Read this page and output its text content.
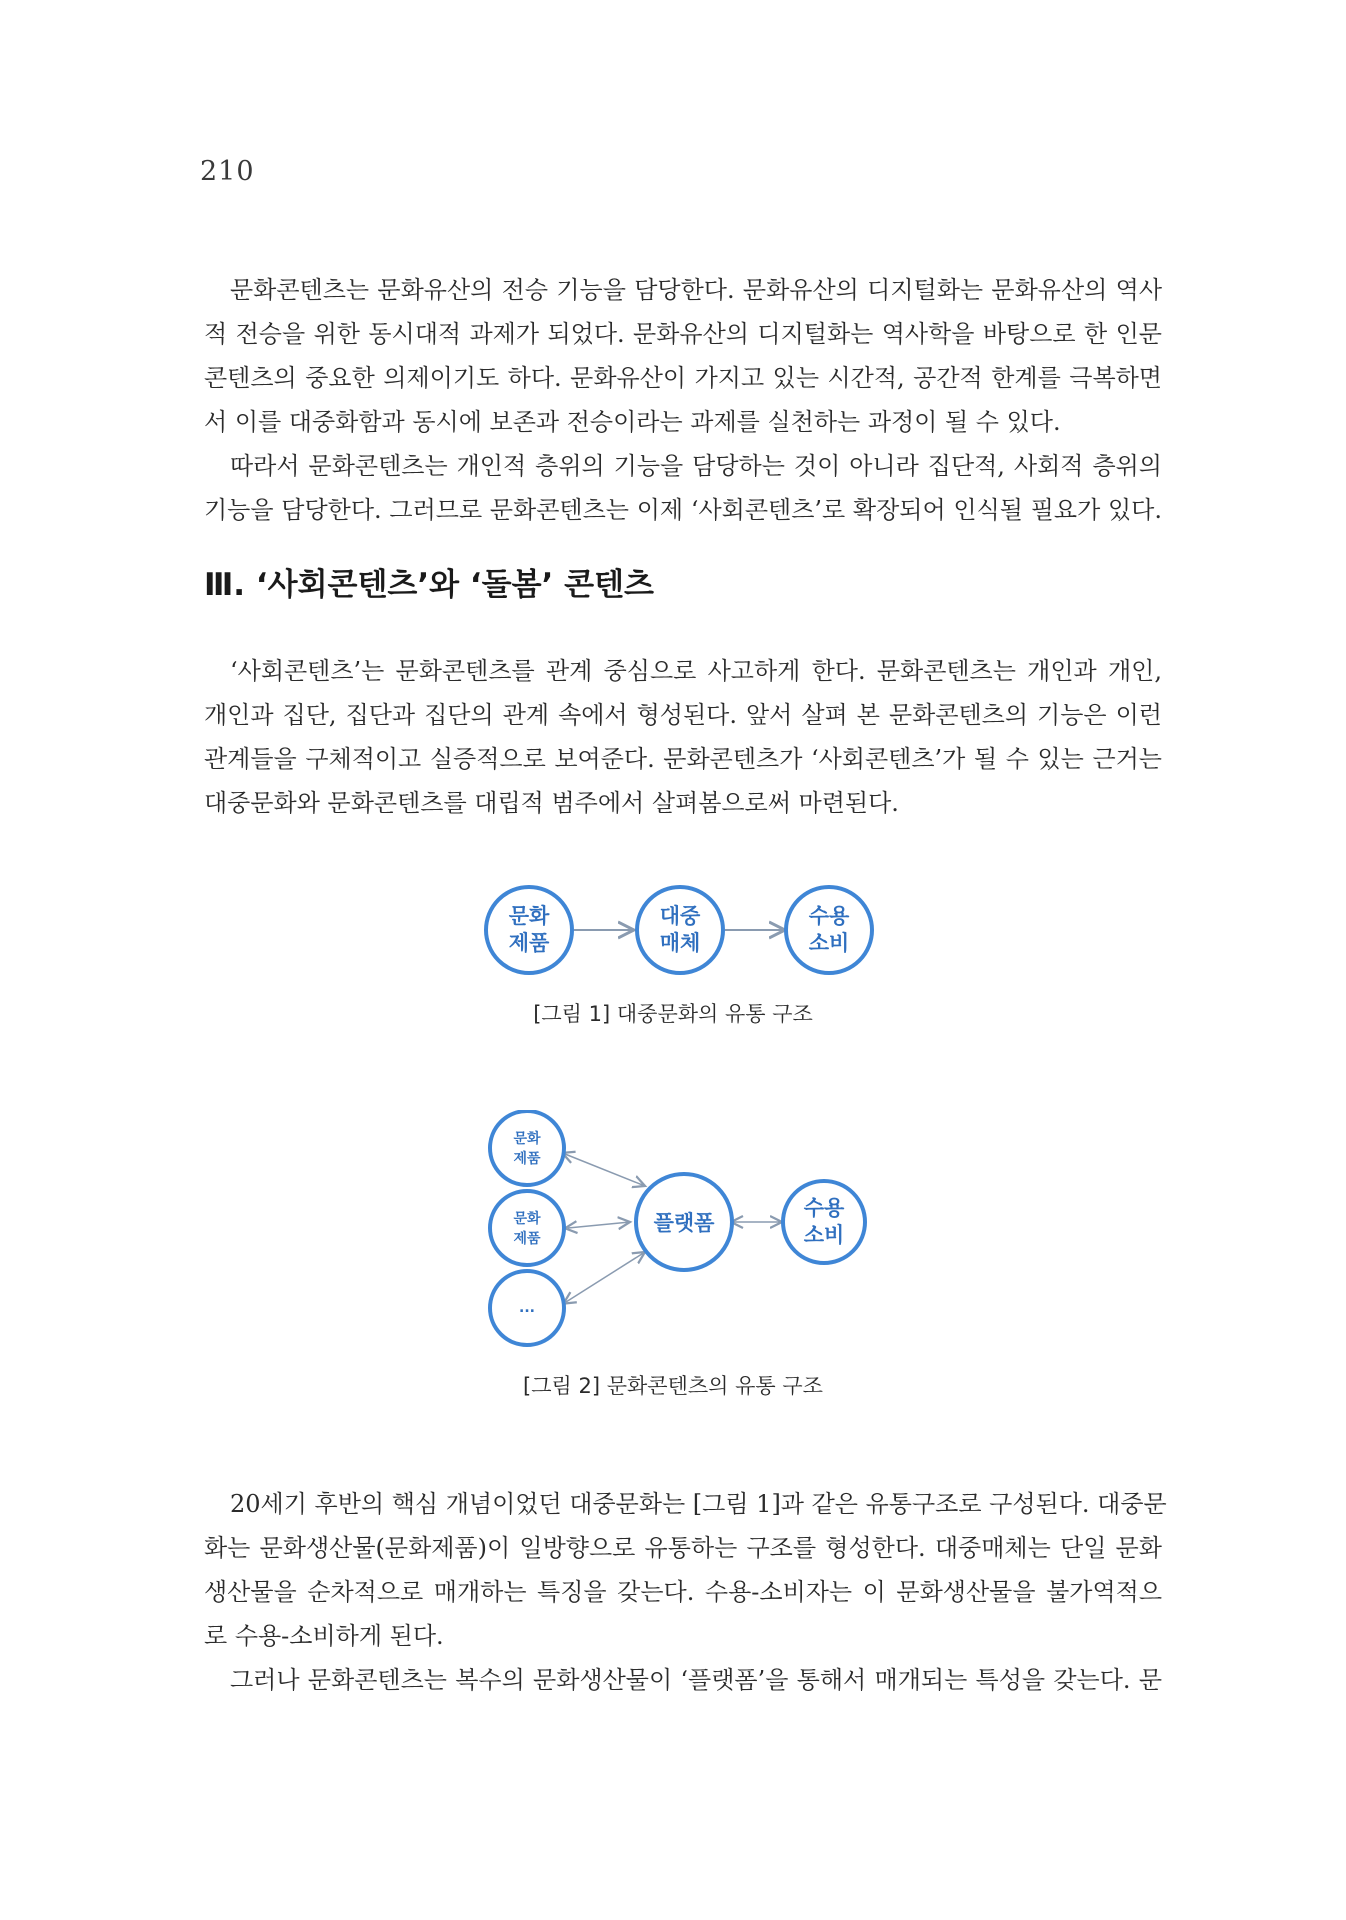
210
문화콘텐츠는 문화유산의 전승 기능을 담당한다. 문화유산의 디지털화는 문화유산의 역사
적 전승을 위한 동시대적 과제가 되었다. 문화유산의 디지털화는 역사학을 바탕으로 한 인문
콘텐츠의 중요한 의제이기도 하다. 문화유산이 가지고 있는 시간적, 공간적 한계를 극복하면
서 이를 대중화함과 동시에 보존과 전승이라는 과제를 실천하는 과정이 될 수 있다.
따라서 문화콘텐츠는 개인적 층위의 기능을 담당하는 것이 아니라 집단적, 사회적 층위의
기능을 담당한다. 그러므로 문화콘텐츠는 이제 ‘사회콘텐츠’로 확장되어 인식될 필요가 있다.
Ⅲ. ‘사회콘텐츠’와 ‘돌봄’ 콘텐츠
‘사회콘텐츠’는 문화콘텐츠를 관계 중심으로 사고하게 한다. 문화콘텐츠는 개인과 개인,
개인과 집단, 집단과 집단의 관계 속에서 형성된다. 앞서 살펴 본 문화콘텐츠의 기능은 이런
관계들을 구체적이고 실증적으로 보여준다. 문화콘텐츠가 ‘사회콘텐츠’가 될 수 있는 근거는
대중문화와 문화콘텐츠를 대립적 범주에서 살펴봄으로써 마련된다.
문화
제품
대중
매체
수용
소비
[그림 1] 대중문화의 유통 구조
문화
제품
문화
제품
...
플랫폼
수용
소비
[그림 2] 문화콘텐츠의 유통 구조
20세기 후반의 핵심 개념이었던 대중문화는 [그림 1]과 같은 유통구조로 구성된다. 대중문
화는 문화생산물(문화제품)이 일방향으로 유통하는 구조를 형성한다. 대중매체는 단일 문화
생산물을 순차적으로 매개하는 특징을 갖는다. 수용-소비자는 이 문화생산물을 불가역적으
로 수용-소비하게 된다.
그러나 문화콘텐츠는 복수의 문화생산물이 ‘플랫폼’을 통해서 매개되는 특성을 갖는다. 문
